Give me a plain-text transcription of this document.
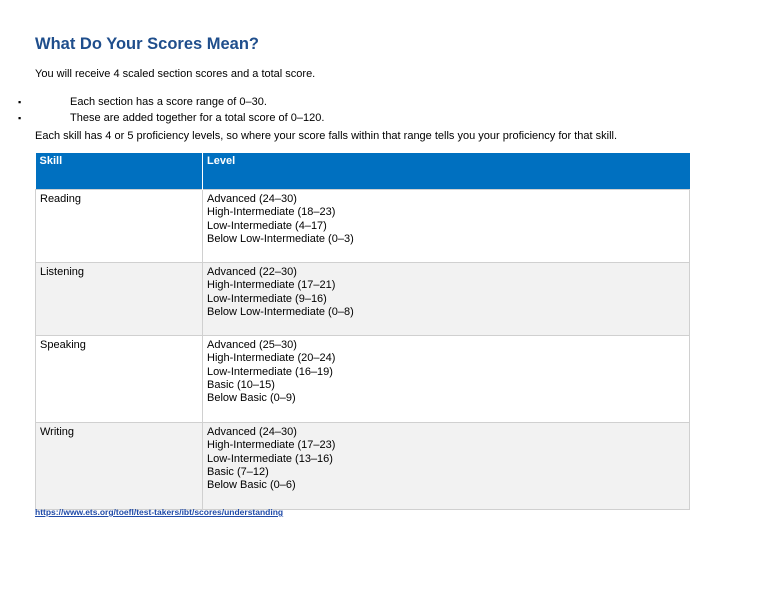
What Do Your Scores Mean?

You will receive 4 scaled section scores and a total score.

▪	Each section has a score range of 0–30.
▪	These are added together for a total score of 0–120.

Each skill has 4 or 5 proficiency levels, so where your score falls within that range tells you your proficiency for that skill.

Skill	Level
Reading	Advanced (24–30)
High-Intermediate (18–23)
Low-Intermediate (4–17)
Below Low-Intermediate (0–3)

Listening	Advanced (22–30)
High-Intermediate (17–21)
Low-Intermediate (9–16)
Below Low-Intermediate (0–8)

Speaking	Advanced (25–30)
High-Intermediate (20–24)
Low-Intermediate (16–19)
Basic (10–15)
Below Basic (0–9)

Writing	Advanced (24–30)
High-Intermediate (17–23)
Low-Intermediate (13–16)
Basic (7–12)
Below Basic (0–6)
https://www.ets.org/toefl/test-takers/ibt/scores/understanding
